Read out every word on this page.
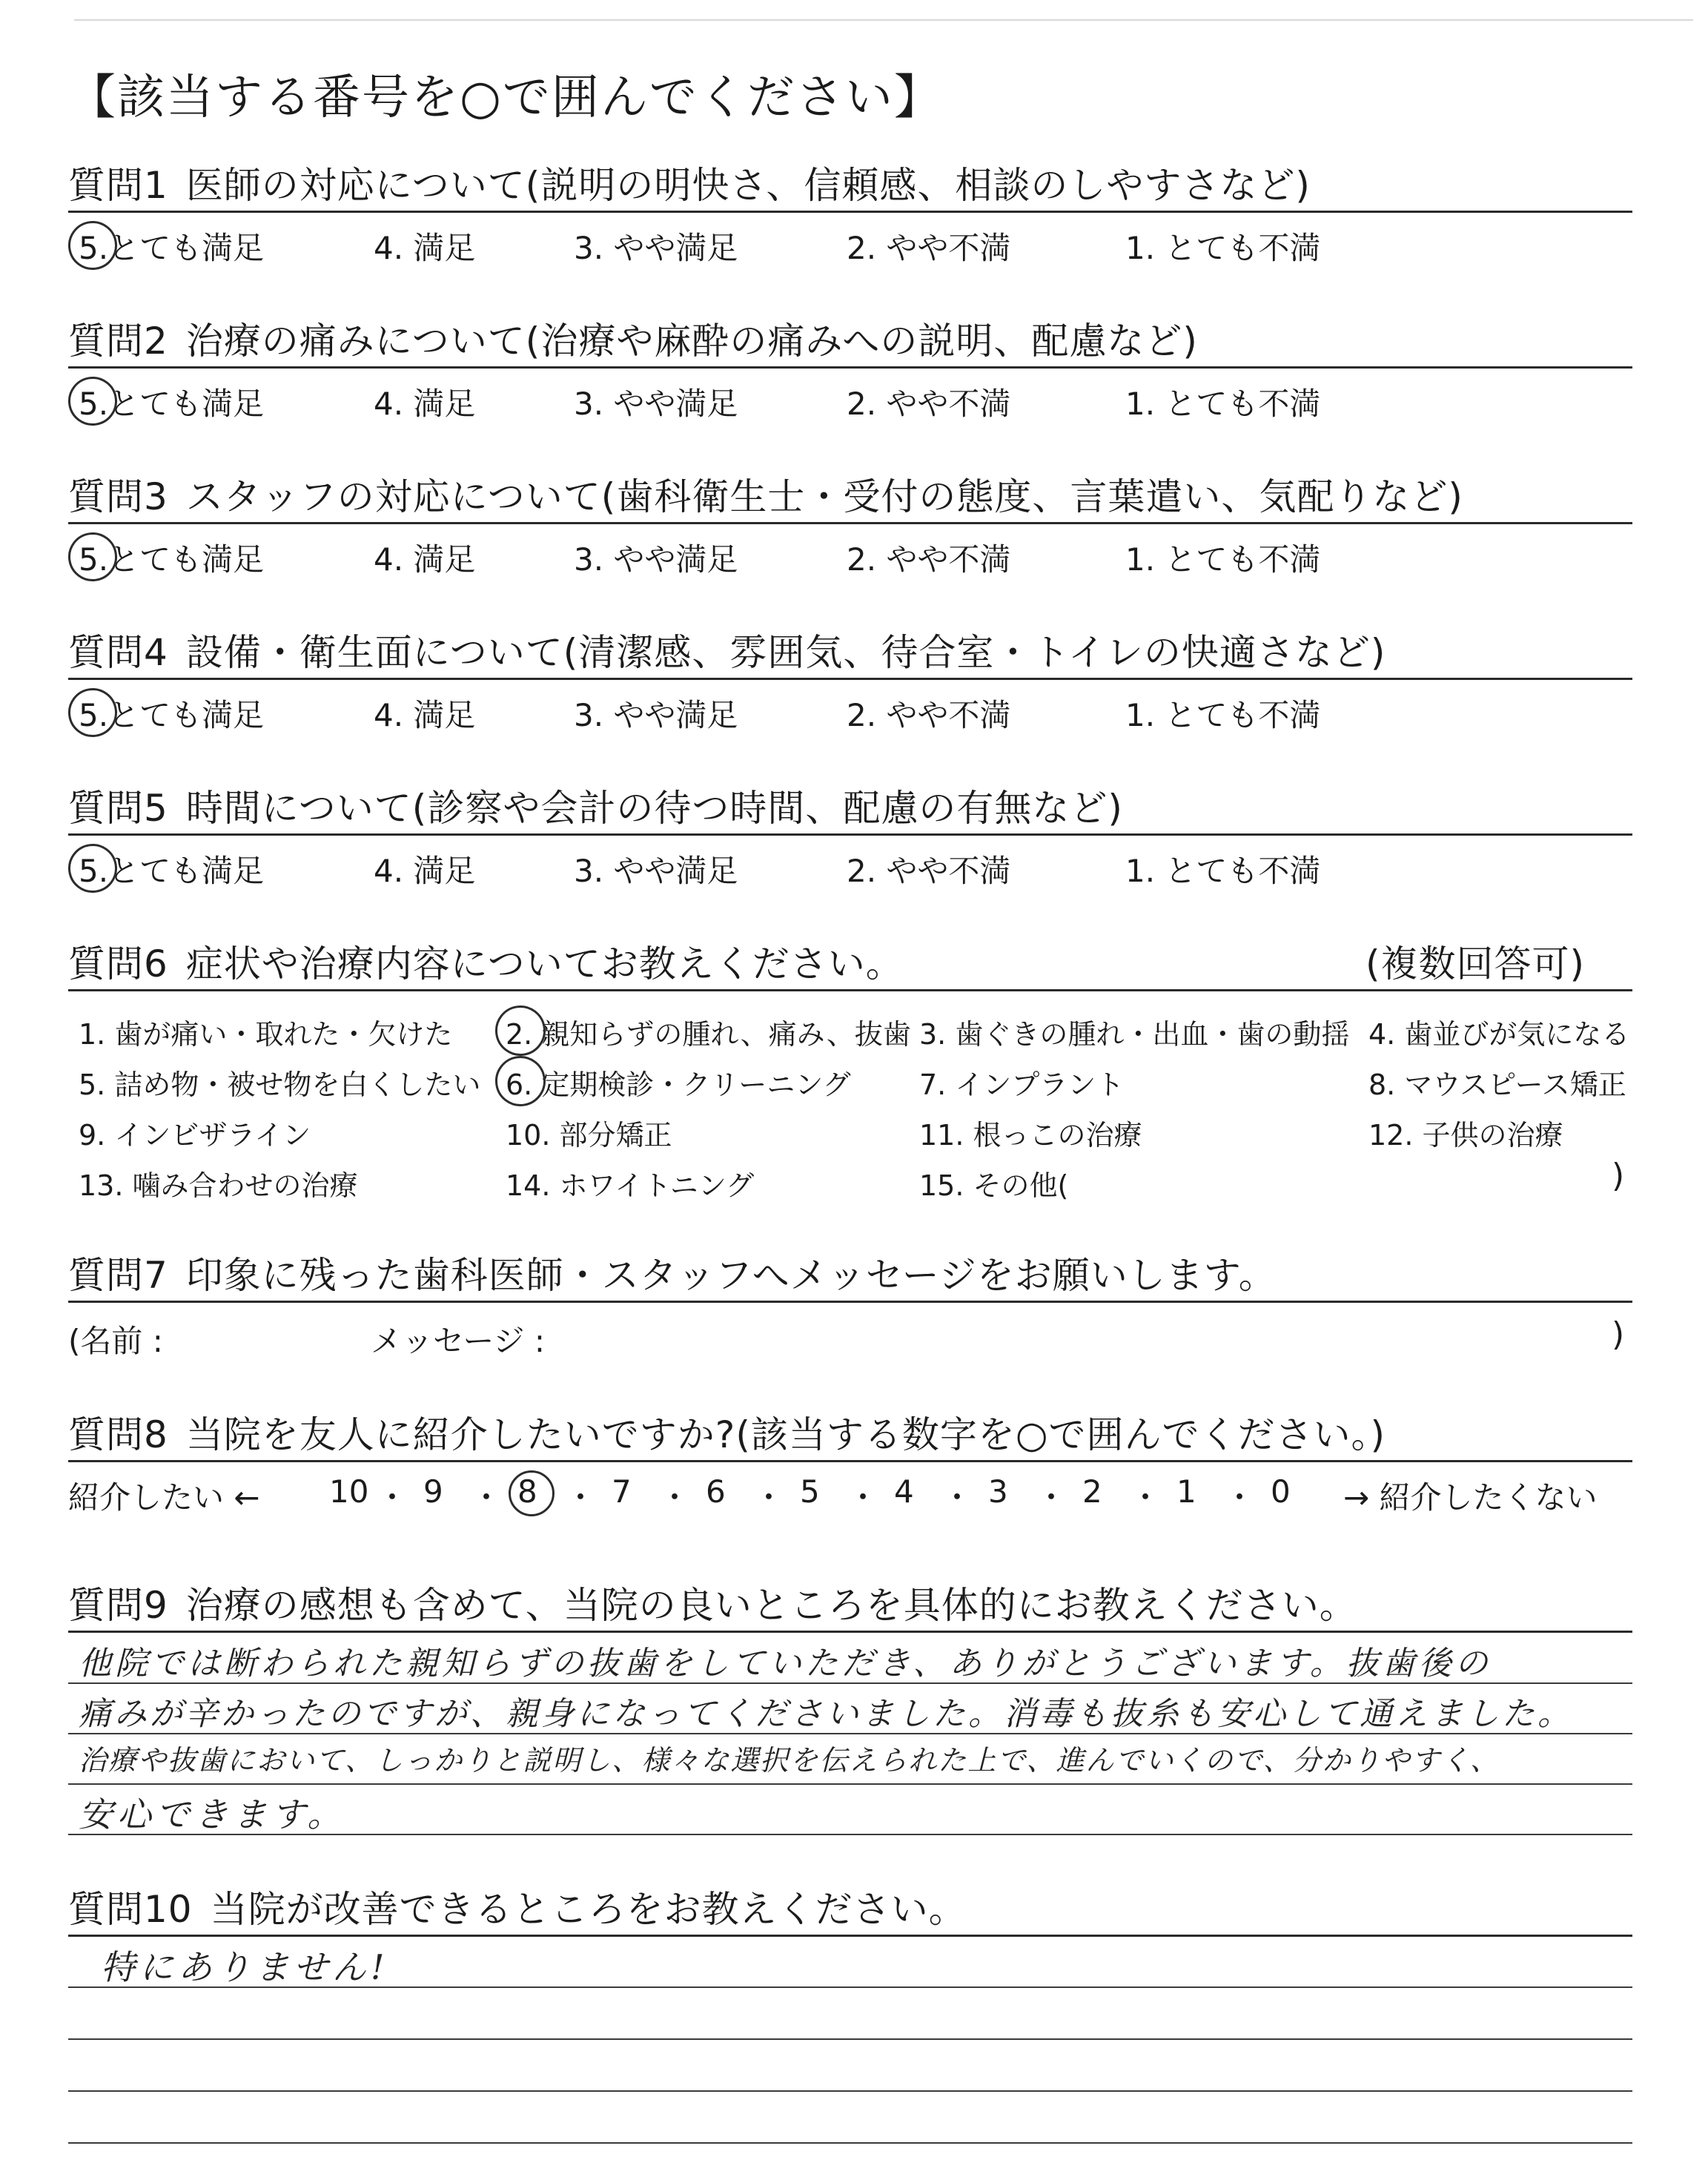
【該当する番号を○で囲んでください】
質問1 医師の対応について(説明の明快さ、信頼感、相談のしやすさなど)
5.とても満足	4. 満足	3. やや満足	2. やや不満	1. とても不満
質問2 治療の痛みについて(治療や麻酔の痛みへの説明、配慮など)
5.とても満足	4. 満足	3. やや満足	2. やや不満	1. とても不満
質問3 スタッフの対応について(歯科衛生士・受付の態度、言葉遣い、気配りなど)
5.とても満足	4. 満足	3. やや満足	2. やや不満	1. とても不満
質問4 設備・衛生面について(清潔感、雰囲気、待合室・トイレの快適さなど)
5.とても満足	4. 満足	3. やや満足	2. やや不満	1. とても不満
質問5 時間について(診察や会計の待つ時間、配慮の有無など)
5.とても満足	4. 満足	3. やや満足	2. やや不満	1. とても不満
質問6 症状や治療内容についてお教えください。	(複数回答可)
1. 歯が痛い・取れた・欠けた 2. 親知らずの腫れ、痛み、抜歯 3. 歯ぐきの腫れ・出血・歯の動揺 4. 歯並びが気になる
5. 詰め物・被せ物を白くしたい 6. 定期検診・クリーニング 7. インプラント	8. マウスピース矯正
9. インビザライン	10. 部分矯正	11. 根っこの治療	12. 子供の治療
13. 噛み合わせの治療	14. ホワイトニング	15. その他(	)
質問7 印象に残った歯科医師・スタッフへメッセージをお願いします。
(名前 :	メッセージ :	)
質問8 当院を友人に紹介したいですか?(該当する数字を○で囲んでください。)
紹介したい ← 10 ・ 9 ・ 8 ・ 7 ・ 6 ・ 5 ・ 4 ・ 3 ・ 2 ・ 1 ・ 0 → 紹介したくない
質問9 治療の感想も含めて、当院の良いところを具体的にお教えください。
他院では断わられた親知らずの抜歯をしていただき、ありがとうございます。抜歯後の
痛みが辛かったのですが、親身になってくださいました。消毒も抜糸も安心して通えました。
治療や抜歯において、しっかりと説明し、様々な選択を伝えられた上で、進んでいくので、分かりやすく、
安心できます。
質問10 当院が改善できるところをお教えください。
特にありません!
